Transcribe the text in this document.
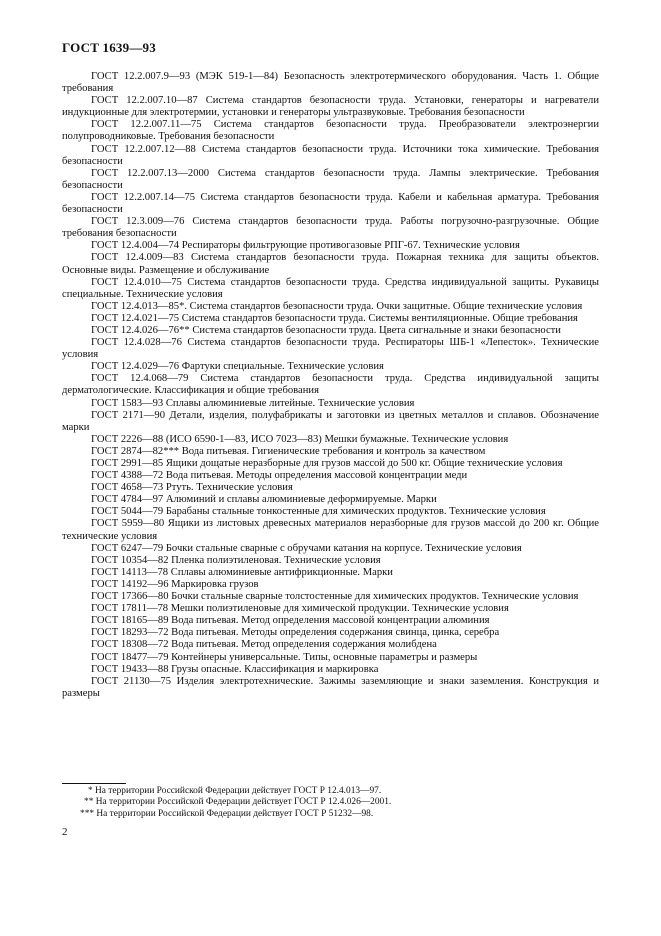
ГОСТ 1639—93

ГОСТ 12.2.007.9—93 (МЭК 519-1—84) Безопасность электротермического оборудования. Часть 1. Общие требования

ГОСТ 12.2.007.10—87 Система стандартов безопасности труда. Установки, генераторы и нагреватели индукционные для электротермии, установки и генераторы ультразвуковые. Требования безопасности

ГОСТ 12.2.007.11—75 Система стандартов безопасности труда. Преобразователи электроэнергии полупроводниковые. Требования безопасности

ГОСТ 12.2.007.12—88 Система стандартов безопасности труда. Источники тока химические. Требования безопасности

ГОСТ 12.2.007.13—2000 Система стандартов безопасности труда. Лампы электрические. Требования безопасности

ГОСТ 12.2.007.14—75 Система стандартов безопасности труда. Кабели и кабельная арматура. Требования безопасности

ГОСТ 12.3.009—76 Система стандартов безопасности труда. Работы погрузочно-разгрузочные. Общие требования безопасности

ГОСТ 12.4.004—74 Респираторы фильтрующие противогазовые РПГ-67. Технические условия

ГОСТ 12.4.009—83 Система стандартов безопасности труда. Пожарная техника для защиты объектов. Основные виды. Размещение и обслуживание

ГОСТ 12.4.010—75 Система стандартов безопасности труда. Средства индивидуальной защиты. Рукавицы специальные. Технические условия

ГОСТ 12.4.013—85*. Система стандартов безопасности труда. Очки защитные. Общие технические условия

ГОСТ 12.4.021—75 Система стандартов безопасности труда. Системы вентиляционные. Общие требования

ГОСТ 12.4.026—76** Система стандартов безопасности труда. Цвета сигнальные и знаки безопасности

ГОСТ 12.4.028—76 Система стандартов безопасности труда. Респираторы ШБ-1 «Лепесток». Технические условия

ГОСТ 12.4.029—76 Фартуки специальные. Технические условия

ГОСТ 12.4.068—79 Система стандартов безопасности труда. Средства индивидуальной защиты дерматологические. Классификация и общие требования

ГОСТ 1583—93 Сплавы алюминиевые литейные. Технические условия

ГОСТ 2171—90 Детали, изделия, полуфабрикаты и заготовки из цветных металлов и сплавов. Обозначение марки

ГОСТ 2226—88 (ИСО 6590-1—83, ИСО 7023—83) Мешки бумажные. Технические условия

ГОСТ 2874—82*** Вода питьевая. Гигиенические требования и контроль за качеством

ГОСТ 2991—85 Ящики дощатые неразборные для грузов массой до 500 кг. Общие технические условия

ГОСТ 4388—72 Вода питьевая. Методы определения массовой концентрации меди

ГОСТ 4658—73 Ртуть. Технические условия

ГОСТ 4784—97 Алюминий и сплавы алюминиевые деформируемые. Марки

ГОСТ 5044—79 Барабаны стальные тонкостенные для химических продуктов. Технические условия

ГОСТ 5959—80 Ящики из листовых древесных материалов неразборные для грузов массой до 200 кг. Общие технические условия

ГОСТ 6247—79 Бочки стальные сварные с обручами катания на корпусе. Технические условия

ГОСТ 10354—82 Пленка полиэтиленовая. Технические условия

ГОСТ 14113—78 Сплавы алюминиевые антифрикционные. Марки

ГОСТ 14192—96 Маркировка грузов

ГОСТ 17366—80 Бочки стальные сварные толстостенные для химических продуктов. Технические условия

ГОСТ 17811—78 Мешки полиэтиленовые для химической продукции. Технические условия

ГОСТ 18165—89 Вода питьевая. Метод определения массовой концентрации алюминия

ГОСТ 18293—72 Вода питьевая. Методы определения содержания свинца, цинка, серебра

ГОСТ 18308—72 Вода питьевая. Метод определения содержания молибдена

ГОСТ 18477—79 Контейнеры универсальные. Типы, основные параметры и размеры

ГОСТ 19433—88 Грузы опасные. Классификация и маркировка

ГОСТ 21130—75 Изделия электротехнические. Зажимы заземляющие и знаки заземления. Конструкция и размеры

* На территории Российской Федерации действует ГОСТ Р 12.4.013—97.

** На территории Российской Федерации действует ГОСТ Р 12.4.026—2001.

*** На территории Российской Федерации действует ГОСТ Р 51232—98.

2
